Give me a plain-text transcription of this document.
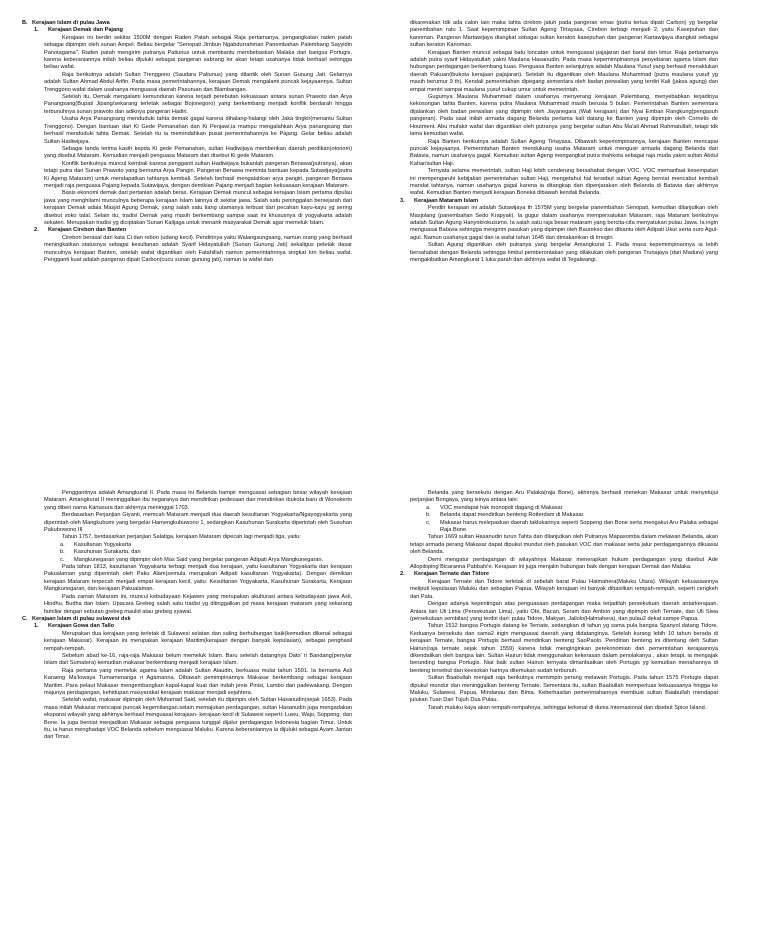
B. Kerajaan Islam di pulau Jawa
1. Kerajaan Demak dan Pajang

Kerajaan ini berdiri sekitar 1500M dengan Raden Patah sebagai Raja pertamanya, pengangkatan raden patah sebagai dipimpin oleh sunan Ampel. Beliau bergelar "Senopati Jimbun Ngabdurrahman Panembahan Palembang Sayyidin Panotagama". Raden patah mengirim putranya Patiunus untuk membantu membebaskan Malaka dari bangsa Portugis, karena keberaniannya inilah beliau dijuluki sebagai pangeran sabrang lor akan tetapi usahanya tidak berhasil sehingga beliau wafat.

Raja berikutnya adalah Sultan Trenggono (Saudara Patiunus) yang dilantik oleh Sunan Gunung Jati. Gelarnya adalah Sultan Ahmad Abdul Arifin. Pada masa pemerintahannya, kerajaan Demak mengalami puncak kejayaannya. Sultan Trenggono wafat dalam usahanya menguasai daerah Pasuruan dan Blambangan.

Setelah itu, Demak mengalami kemunduran karena terjadi perebutan kekuasaan antara sunan Prawoto dan Arya Panangsang(Bupati Jipang/sekarang terletak sebagai Bojonegoro) yang berkembang menjadi konflik berdarah hingga terbunuhnya sunan prawoto dan adiknya pangeran Hadiri.

Usaha Arya Panangsang menduduki tahta demak gagal karena dihalang-halangi oleh Jaka tingkir(menantu Sultan Trenggono). Dengan bantuan dari Ki Gede Pemanahan dan Ki Penjawi,ia mampu mengalahkan Arya panangsang dan berhasil menduduki tahta Demak. Setelah itu ia memindahkan pusat pemerintahannya ke Pajang. Gelar beliau adalah Sultan Hadiwijaya.

Sebagai tanda terima kasih kepda Ki gede Pemanahan, sultan Hadiwijaya memberikan daerah perdikan(otonom) yang disebut Mataram. Kemudian menjadi penguasa Mataram dan disebut Ki gede Mataram.

Konflik berikutnya muncul kembali karena pengganti sultan Hadiwijaya bukanlah pangeran Benawa(putranya), akan tetapi putra dari Sunan Prawoto yang bernama Arya Pangiri. Pangeran Benawa meminta bantuan kepada Sutawijaya(putra Ki Ageng Mataram) untuk mendapatkan tahtanya kembali. Setelah berhasil mengalahkan arya pangiri, pangeran Benawa menjadi raja penguasa Pajang kepada Sutawijaya, dengan demikian Pajang menjadi bagian kekuasaan kerajaan Mataram.

Basis ekonomi demak dari pertanian adalah beras. Kerajaan Demak muncul sebagai kerajaan Islam pertama dipulau jawa yang menghilami munculnya beberapa kerajaan Islam lainnya di sekitar jawa. Salah satu peninggalan bersejarah dari kerajaan Demak adala Masjid Agung Demak, yang salah satu tiang utamanya terbuat dari pecahan kayu-kayu yg sering disebut soko tatal. Selain itu, tradisi Demak yang masih berkembang sampai saat ini khususnya di yogyakarta adalah sekaten. Merupakan tradisi yg diciptakan Sunan Kalijaga untuk menarik masyarakat Demak agar memeluk Islam.

2. Kerajaan Cirebon dan Banten

Cirebon berasal dari kata Ci dan rebon (udang kecil). Pendirinya yaitu Walangsungsang, namun orang yang berhasil meningkatkan statusnya sebagai kesultanan adalah Syarif Hidayatullah (Sunan Gunung Jati) sekaligus peletak dasar munculnya kerajaan Banten, setelah wafat digantikan oleh Fatahillah namun pemerintahnnya singkat krn beliau wafat. Pengganti kuat adalah pangeran dipati Carbon(cucu sunan gunung jati), namun ia wafat dan

dikarenakan tdk ada calon lain maka tahta cirebon jatuh pada pangeran emas (putra tertua dipati Carbon) yg bergelar panembahan ratu 1. Saat kepemimpinan Sultan Ageng Tirtayasa, Cirebon terbagi menjadi 2, yaitu Kasepuhan dan kanoman. Pangeran Martawijaya diangkat sebagai sultan keraton kasepuhan dan pangeran Kartawijaya diangkat sebagai sultan keraton Kanoman.

Kerajaan Banten muncul sebagai batu loncatan untuk menguasai pajajaran dari barat dan timur. Raja pertamanya adalah putra syarif Hidayatullah yakni Maulana Hasanudin. Pada masa kepemimpinannya penyebaran agama Islam dan hubungan perdagangan berkembang kuas. Penguasa Banten selanjutnya adalah Maulana Yusuf yang berhasil menaklukan daerah Pakuan(ibukota kerajaan pajajaran). Setelah itu digantikan oleh Maulana Muhammad (putra maulana yusuf yg masih berumur 9 th). Kendali pemerintahan dipegang sementara oleh badan perwalian yang terdiri Kali (jaksa agung) dan empat mentri sampai maulana yusuf cukup umur untuk memerintah.

Gugurnya Maulana Muhammad dalam usahanya menyerang kerajaan Palembang, menyebabkan terjadinya kekosongan tahta Banten, karena putra Maulana Muhammad masih berusia 5 bulan. Pemerintahan Banten sementara dijalankan oleh badan perwalian yang dipimpin oleh Jayanegara (Wali kerajaan) dan Nyai Emban Rangkung(pengasuh pangeran). Pada saat inilah armada dagang Belanda pertama kali datang ke Banten yang dipimpin oleh Cornelis de Houtment. Abu mufakir wafat dan digantikan oleh putranya yang bergelar sultan Abu Ma'ali Ahmad Rahmatullah, tetapi tdk lama kemudian wafat.

Raja Banten berikutnya adalah Sultan Ageng Tirtayasa. Dibawah kepemimpinannya, kerajaan Banten mencapai puncak kejayaanya. Pemerintahan Banten mendukung usaha Mataram untuk mengusir armada dagang Belanda dari Batavia, namun usahanya gagal. Kemudian sultan Ageng mengangkat putra mahkota sebagai raja muda yakni sultan Abdul Kahar/sultan Haji.

Ternyata selama memerintah, sultan Haji lebih cenderung bersahabat dengan VOC. VOC memanfaat kesempatan ini mempengaruhi kebijakan pemerintahan sultan Haji, mengetahui hal tersebut sultan Ageng berniat mencabut kembali mandat tahtanya, namun usahanya gagal karena ia ditangkap dan dipenjarakan oleh Belanda di Batavia dan akhirnya wafat. Kemudian Banten menjadi kerajaan Boneka dibawah kendali Belanda.

3. Kerajaan Mataram Islam

Pendiri kerajaan ini adalah Sutawijaya th 1575M yang bergelar panembahan Senopati, kemudian dilanjutkan oleh Masjolang (panembahan Sedo Krapyak). Ia gugur dalam usahanya mempersatukan Mataram, raja Mataram berikutnya adalah Sultan Agung Hanyokrokusumo. Ia salah satu raja besar mataram yang bercita-cita menyatukan pulau Jawa. Ia ingin menguasai Batavia sehingga mengirim pasukan yang dipimpin oleh Baurekso dan dibantu oleh Adipati Ukur serta suro Agul-agul. Namun usahanya gagal dan ia wafat tahun 1645 dan dimakamkan di Imogiri.

Sultan Agung digantikan oleh putranya yang bergelar Amangkurat 1. Pada masa kepemimpinannya ia lebih bersahabat dengan Belanda sehingga timbul pemberontakan yang dilakukan oleh pangeran Trunajaya (dari Madura) yang mengakibatkan Amangkurat 1 luka parah dan akhirnya wafat di Tegalwangi.

Penggantinya adalah Amangkurat II. Pada masa ini Belanda hampir menguasai sebagian besar wilayah kerajaan Mataram. Amangkurat II meninggalkan ibu negaranya dan mendirikan pedesaan dan mendirikan ibukota baru di Wonokerto yang diberi nama Kartasura dan akhirnya meninggal 1703.

Berdasarkan Perjanjian Giyanti, memcah Mataram menjadi dua daerah kesultanan Yogyakarta/Ngayogyakarta yang diperintah oleh Mangkubumi yang bergelar Hamengkubuwono 1, sedangkan Kasuhunan Surakarta diperintah oleh Susuhan Pakubowono III

Tahun 1757, berdasarkan perjanjian Salatiga, kerajaan Mataram dipecah lagi menjadi tiga, yaitu:

a. Kasultanan Yogyakarta
b. Kasuhunan Surakarta, dan
c. Mangkunegaran yang dipimpin oleh Mas Said yang bergelar pangeran Adipati Arya Mangkunegaran.

Pada tahun 1813, kasultanan Yogyakarta terbagi menjadi dua kerajaan, yaitu kasultanan Yogyakarta dan kerajaan Pakualaman yang diperintah oleh Paku Alam(semula merupakan Adipati kasultanan Yogyakarta). Dengan demikian kerajaan Mataram terpecah menjadi empat kerajaan kecil, yaitu: Kesultanan Yogyakarta, Kasuhunan Surakarta, Kerajaan Mangkunegaran, dan kerajaan Pakualaman.

Pada zaman Mataram ini, muncul kebudayaan Kejawen yang merupakan akulturasi antara kebudayaan jawa Asli, Hindhu, Budha dan Islam. Upacara Grebeg salah satu tradisi yg ditinggalkan pd masa kerajaan mataram yang sekarang familiar dengan sebutan grebeg maulid atau grebeg syawal.

C. Kerajaan Islam di pulau sulawesi dsk
1. Kerajaan Gowa dan Tallo

Merupakan dua kerajaan yang terletak di Sulawesi selatan dan saling berhubungan baik(kemudian dikenal sebagai kerajaan Makasar). Kerajaan ini merupakan kerajaan Maritim(kerajaan dengan banyak kepulauan), sebagai penghasil rempah-rempah.

Sebelum abad ke-16, raja-raja Makasar belum memeluk Islam. Baru setelah datangnya Dato' ri Bandang(penyiar Islam dari Sumatera) kemudian makasar berkembang menjadi kerajaan Islam.

Raja pertama yang memeluk agama Islam adalah Sultan Alaudin, berkuasa mulai tahun 1591. Ia bernama Asli Karaeng Ma'towaya Tumamenanga ri Agamanna. Dibawah pemimpinannya Makasar berkembang sebagai kerajaan Maritim. Para pelaut Makasar mengembangkan kapal-kapal kuat dan indah jenis Pinisi, Lambo dan padewakang. Dengan majunya perdagangan, kehidupan masyarakat kerajaan makasar menjadi sejahtera.

Setelah wafat, makasar dipimpin oleh Muhamad Said, setelah itu dipimpin oleh Sultan Hasanudin(sejak 1653). Pada masa inilah Makasar mencapai puncak kegemilangan.selain memajukan perdagangan, sultan Hasanudin juga mengadakan ekspansi wilayah yang akhirnya berhasil menguasai kerajaan- kerajaan kecil di Sulawesi seperti: Luwu, Wajo, Soppeng, dan Bone. Ia juga berniat menjadikan Makasar sebagai penguasa tunggal dijalur perdagangan Indonesia bagian Timur. Untuk itu, ia harus menghadapi VOC Belanda sebelum menguasai Maluku. Karena keberaniannya ia dijuluki sebagai Ayam Jantan dari Timur.

Belanda yang bersekutu dengan Aru Palaka(raja Bone), akhirnya berhasil menekan Makasar untuk menyetujui perjanjian Bongaya, yang isinya antara lain:

a. VOC mendapat hak monopoli dagang di Makasar
b. Belanda dapat mendirikan benteng Rotterdam di Makasar.
c. Makasar harus melepaskan daerah taklukannya seperti Soppeng dan Bone serta mengakui Aru Palaka sebagai Raja Bone.

Tahun 1669 sultan Hasanudin turun Tahta dan dilanjutkan oleh Putranya Mapasomba dalam melawan Belanda, akan tetapi armada perang Makasar dapat dipukul mundur oleh pasukan VOC dan makasar serta jalur perdagangannya dikuasai oleh Belanda.

Demi mengatur perdagangan di wilayahnya Makasar menerapkan hukum perdagangan yang disebut Ade Allopiloping Bicaranna Pabbahi'e. Kerajaan ini juga menjalin hubungan baik dengan kerajaan Demak dan Malaka.

2. Kerajaan Ternate dan Tidore

Kerajaan Ternate dan Tidore terletak di sebelah barat Pulau Halmahera(Maluku Utara). Wilayah kekuasaannya meliputi kepulauan Maluku dan sebagian Papua. Wilayah kerajaan ini banyak dihasilkan rempah-rempah, seperti cengkeh dan Pala.

Dengan adanya kepentingan atas penguasaan perdagangan maka terjadilah persekutuan daerah antarkerajaan. Antara lain Uli Lima (Persekutuan Lima), yaitu Obi, Bacan, Seram dan Ambon yang dipimpin oleh Ternate, dan Uli Siwa (persekutuan sembilan) yang terdiri dari: pulau Tidore, Makyan, Jailolo(Halmahera), dan pulau2 dekat sampe Papua.

Tahun 1512 bangsa Portugis datang ke Ternate, sedangkan di tahun yg sama pula bangsa Spanyol datang Tidore. Keduanya bersekutu dan sama2 ingin menguasai daerah yang didatanginya. Setelah kurang lebih 10 tahun berada di kerajaan Ternate, bangsa Portugis berhasil mendirikan benteng SaoPaolo. Pendirian benteng ini ditentang oleh Sultan Hairun(raja ternate sejak tahun 1559) karena tidak menginginkan perekonomian dan pemerintahan kerajaannya dikendalikan oleh bangsa lain. Sultan Hairun tidak menggunakan kekerasan dalam penolakanya , akan tetapi, ia mengajak berunding bangsa Portugis. Niat baik sultan Hairun ternyata dimanfaatkan oleh Portugis yg kemudian menahannya di benteng tersebut dan keesokan harinya ditemukan sudah terbunuh.

Sultan Baabullah menjadi raja berikutnya memimpin perang melawan Portugis. Pada tahun 1575 Portugis dapat dipukul mundur dan meninggalkan benteng Ternate. Sementara itu, sultan Baabullah memperluas kekuasaanya hingga ke Maluku, Sulawesi, Papua, Mindanau dan Bima. Keberhasilan pemerintahannya membuat sultan Baabullah mendapat julukan Tuan Dari Tujuh Dua Pulau.

Tanah maluku kaya akan rempah-rempahnya, sehingga terkenal di dunia Internasional dan disebut Spice Island.
